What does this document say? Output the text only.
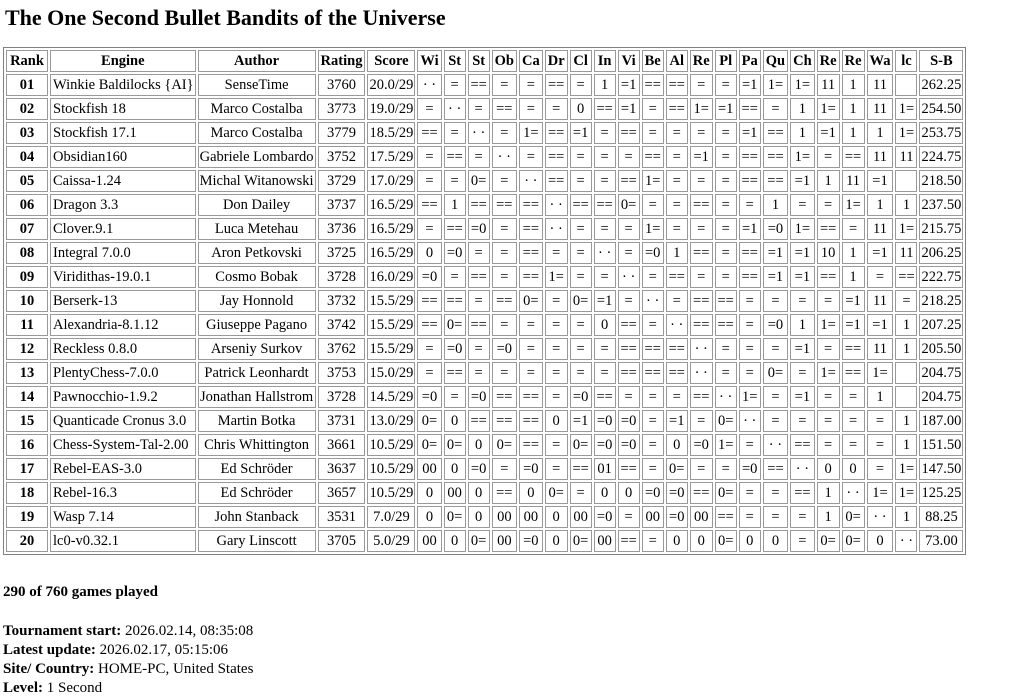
The One Second Bullet Bandits of the Universe
Rank	Engine	Author	Rating	Score	Wi	St	St	Ob	Ca	Dr	Cl	In	Vi	Be	Al	Re	Pl	Pa	Qu	Ch	Re	Re	Wa	lc	S-B
01	Winkie Baldilocks {AI}	SenseTime	3760	20.0/29	· ·	=	==	=	=	==	=	1	=1	==	==	=	=	=1	1=	1=	11	1	11		262.25
02	Stockfish 18	Marco Costalba	3773	19.0/29	=	· ·	=	==	=	=	0	==	=1	=	==	1=	=1	==	=	1	1=	1	11	1=	254.50
03	Stockfish 17.1	Marco Costalba	3779	18.5/29	==	=	· ·	=	1=	==	=1	=	==	=	=	=	=	=1	==	1	=1	1	1	1=	253.75
04	Obsidian160	Gabriele Lombardo	3752	17.5/29	=	==	=	· ·	=	==	=	=	=	==	=	=1	=	==	==	1=	=	==	11	11	224.75
05	Caissa-1.24	Michal Witanowski	3729	17.0/29	=	=	0=	=	· ·	==	=	=	==	1=	=	=	=	==	==	=1	1	11	=1		218.50
06	Dragon 3.3	Don Dailey	3737	16.5/29	==	1	==	==	==	· ·	==	==	0=	=	=	==	=	=	1	=	=	1=	1	1	237.50
07	Clover.9.1	Luca Metehau	3736	16.5/29	=	==	=0	=	==	· ·	=	=	=	1=	=	=	=	=1	=0	1=	==	=	11	1=	215.75
08	Integral 7.0.0	Aron Petkovski	3725	16.5/29	0	=0	=	=	==	=	=	· ·	=	=0	1	==	=	==	=1	=1	10	1	=1	11	206.25
09	Viridithas-19.0.1	Cosmo Bobak	3728	16.0/29	=0	=	==	=	==	1=	=	=	· ·	=	==	=	=	==	=1	=1	==	1	=	==	222.75
10	Berserk-13	Jay Honnold	3732	15.5/29	==	==	=	==	0=	=	0=	=1	=	· ·	=	==	==	=	=	=	=	=1	11	=	218.25
11	Alexandria-8.1.12	Giuseppe Pagano	3742	15.5/29	==	0=	==	=	=	=	=	0	==	=	· ·	==	==	=	=0	1	1=	=1	=1	1	207.25
12	Reckless 0.8.0	Arseniy Surkov	3762	15.5/29	=	=0	=	=0	=	=	=	=	==	==	==	· ·	=	=	=	=1	=	==	11	1	205.50
13	PlentyChess-7.0.0	Patrick Leonhardt	3753	15.0/29	=	==	=	=	=	=	=	=	==	==	==	· ·	=	=	0=	=	1=	==	1=		204.75
14	Pawnocchio-1.9.2	Jonathan Hallstrom	3728	14.5/29	=0	=	=0	==	==	=	=0	==	=	=	=	==	· ·	1=	=	=1	=	=	1		204.75
15	Quanticade Cronus 3.0	Martin Botka	3731	13.0/29	0=	0	==	==	==	0	=1	=0	=0	=	=1	=	0=	· ·	=	=	=	=	=	1	187.00
16	Chess-System-Tal-2.00	Chris Whittington	3661	10.5/29	0=	0=	0	0=	==	=	0=	=0	=0	=	0	=0	1=	=	· ·	==	=	=	=	1	151.50
17	Rebel-EAS-3.0	Ed Schröder	3637	10.5/29	00	0	=0	=	=0	=	==	01	==	=	0=	=	=	=0	==	· ·	0	0	=	1=	147.50
18	Rebel-16.3	Ed Schröder	3657	10.5/29	0	00	0	==	0	0=	=	0	0	=0	=0	==	0=	=	=	==	1	· ·	1=	1=	125.25
19	Wasp 7.14	John Stanback	3531	7.0/29	0	0=	0	00	00	0	00	=0	=	00	=0	00	==	=	=	=	1	0=	· ·	1	88.25
20	lc0-v0.32.1	Gary Linscott	3705	5.0/29	00	0	0=	00	=0	0	0=	00	==	=	0	0	0=	0	0	=	0=	0=	0	· ·	73.00
290 of 760 games played
Tournament start: 2026.02.14, 08:35:08
Latest update: 2026.02.17, 05:15:06
Site/ Country: HOME-PC, United States
Level: 1 Second
